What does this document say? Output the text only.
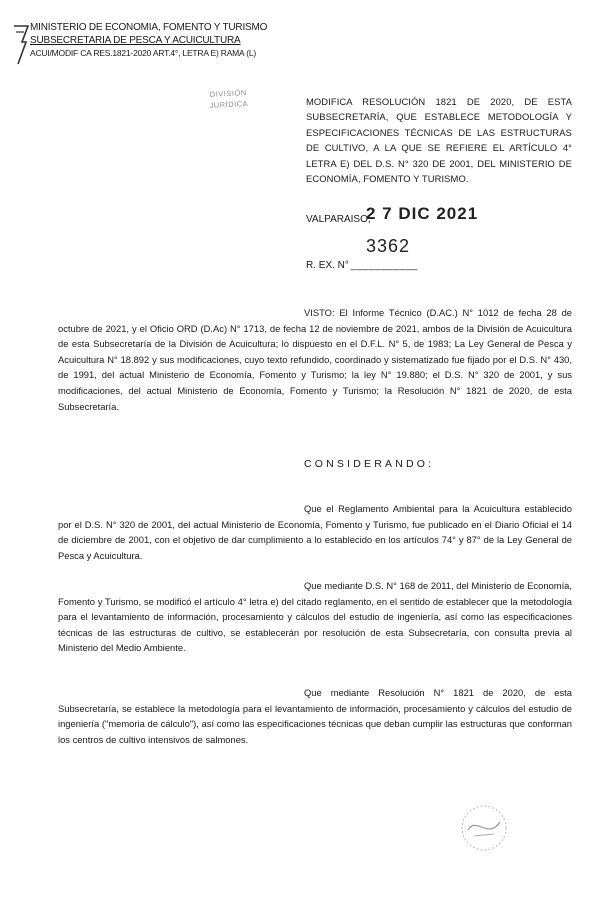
MINISTERIO DE ECONOMIA, FOMENTO Y TURISMO
SUBSECRETARIA DE PESCA Y ACUICULTURA
ACUI/MODIF CA RES.1821-2020 ART.4°, LETRA E) RAMA (L)
DIVISIÓN
JURÍDICA	MODIFICA RESOLUCIÓN 1821 DE 2020, DE ESTA SUBSECRETARÍA, QUE ESTABLECE METODOLOGÍA Y ESPECIFICACIONES TÉCNICAS DE LAS ESTRUCTURAS DE CULTIVO, A LA QUE SE REFIERE EL ARTÍCULO 4° LETRA E) DEL D.S. N° 320 DE 2001, DEL MINISTERIO DE ECONOMÍA, FOMENTO Y TURISMO.
VALPARAISO,
2 7 DIC 2021
3362
R. EX. N° ___________
VISTO: El Informe Técnico (D.AC.) N° 1012 de fecha 28 de octubre de 2021, y el Oficio ORD (D.Ac) N° 1713, de fecha 12 de noviembre de 2021, ambos de la División de Acuicultura de esta Subsecretaría de la División de Acuicultura; lo dispuesto en el D.F.L. N° 5, de 1983; La Ley General de Pesca y Acuicultura N° 18.892 y sus modificaciones, cuyo texto refundido, coordinado y sistematizado fue fijado por el D.S. N° 430, de 1991, del actual Ministerio de Economía, Fomento y Turismo; la ley N° 19.880; el D.S. N° 320 de 2001, y sus modificaciones, del actual Ministerio de Economía, Fomento y Turismo; la Resolución N° 1821 de 2020, de esta Subsecretaría.
CONSIDERANDO:
Que el Reglamento Ambiental para la Acuicultura establecido por el D.S. N° 320 de 2001, del actual Ministerio de Economía, Fomento y Turismo, fue publicado en el Diario Oficial el 14 de diciembre de 2001, con el objetivo de dar cumplimiento a lo establecido en los artículos 74° y 87° de la Ley General de Pesca y Acuicultura.
Que mediante D.S. N° 168 de 2011, del Ministerio de Economía, Fomento y Turismo, se modificó el artículo 4° letra e) del citado reglamento, en el sentido de establecer que la metodología para el levantamiento de información, procesamiento y cálculos del estudio de ingeniería, así como las especificaciones técnicas de las estructuras de cultivo, se establecerán por resolución de esta Subsecretaría, con consulta previa al Ministerio del Medio Ambiente.
Que mediante Resolución N° 1821 de 2020, de esta Subsecretaría, se establece la metodología para el levantamiento de información, procesamiento y cálculos del estudio de ingeniería ("memoria de cálculo"), así como las especificaciones técnicas que deban cumplir las estructuras que conforman los centros de cultivo intensivos de salmones.
